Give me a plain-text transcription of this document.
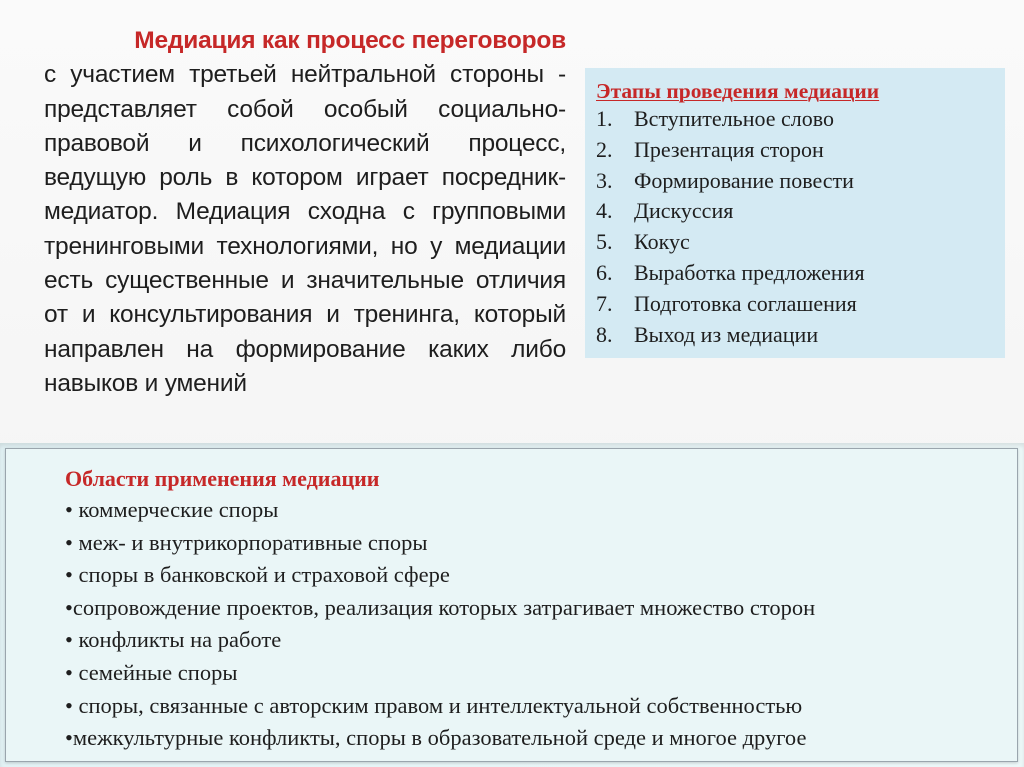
Медиация как процесс переговоров
с участием третьей нейтральной стороны - представляет собой особый социально-правовой и психологический процесс, ведущую роль в котором играет посредник-медиатор. Медиация сходна с групповыми тренинговыми технологиями, но у медиации есть существенные и значительные отличия от и консультирования и тренинга, который направлен на формирование каких либо навыков и умений
Этапы проведения медиации
1. Вступительное слово
2. Презентация сторон
3. Формирование повести
4. Дискуссия
5. Кокус
6. Выработка предложения
7. Подготовка соглашения
8. Выход из медиации
Области применения медиации
• коммерческие споры
• меж- и внутрикорпоративные споры
• споры в банковской и страховой сфере
•сопровождение проектов, реализация которых затрагивает множество сторон
• конфликты на работе
• семейные споры
• споры, связанные с авторским правом и интеллектуальной собственностью
•межкультурные конфликты, споры в образовательной среде и многое другое
